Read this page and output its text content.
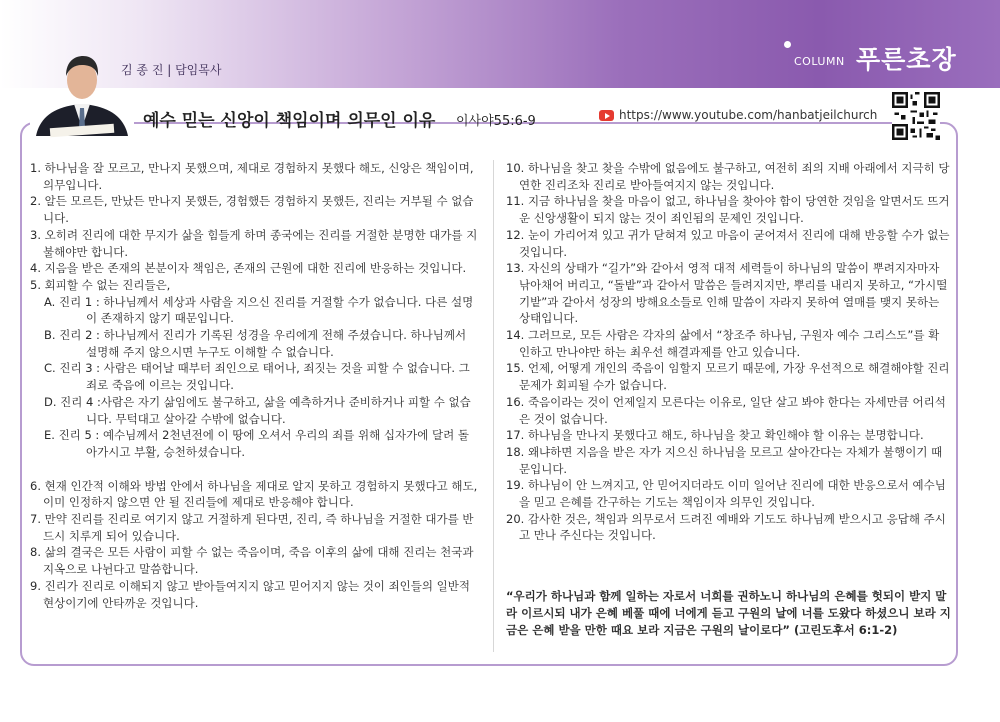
COLUMN 푸른초장
김 종 진 | 담임목사
예수 믿는 신앙이 책임이며 의무인 이유 이사야55:6-9	https://www.youtube.com/hanbatjeilchurch
1. 하나님을 잘 모르고, 만나지 못했으며, 제대로 경험하지 못했다 해도, 신앙은 책임이며, 의무입니다.
2. 알든 모르든, 만났든 만나지 못했든, 경험했든 경험하지 못했든, 진리는 거부될 수 없습니다.
3. 오히려 진리에 대한 무지가 삶을 힘들게 하며 종국에는 진리를 거절한 분명한 대가를 지불해야만 합니다.
4. 지음을 받은 존재의 본분이자 책임은, 존재의 근원에 대한 진리에 반응하는 것입니다.
5. 회피할 수 없는 진리들은,
A. 진리 1 : 하나님께서 세상과 사람을 지으신 진리를 거절할 수가 없습니다. 다른 설명이 존재하지 않기 때문입니다.
B. 진리 2 : 하나님께서 진리가 기록된 성경을 우리에게 전해 주셨습니다. 하나님께서 설명해 주지 않으시면 누구도 이해할 수 없습니다.
C. 진리 3 : 사람은 태어날 때부터 죄인으로 태어나, 죄짓는 것을 피할 수 없습니다. 그 죄로 죽음에 이르는 것입니다.
D. 진리 4 :사람은 자기 삶임에도 불구하고, 삶을 예측하거나 준비하거나 피할 수 없습니다. 무턱대고 살아갈 수밖에 없습니다.
E. 진리 5 : 예수님께서 2천년전에 이 땅에 오셔서 우리의 죄를 위해 십자가에 달려 돌아가시고 부활, 승천하셨습니다.
6. 현재 인간적 이해와 방법 안에서 하나님을 제대로 알지 못하고 경험하지 못했다고 해도, 이미 인정하지 않으면 안 될 진리들에 제대로 반응해야 합니다.
7. 만약 진리를 진리로 여기지 않고 거절하게 된다면, 진리, 즉 하나님을 거절한 대가를 반드시 치루게 되어 있습니다.
8. 삶의 결국은 모든 사람이 피할 수 없는 죽음이며, 죽음 이후의 삶에 대해 진리는 천국과 지옥으로 나뉜다고 말씀합니다.
9. 진리가 진리로 이해되지 않고 받아들여지지 않고 믿어지지 않는 것이 죄인들의 일반적 현상이기에 안타까운 것입니다.
10. 하나님을 찾고 찾을 수밖에 없음에도 불구하고, 여전히 죄의 지배 아래에서 지극히 당연한 진리조차 진리로 받아들여지지 않는 것입니다.
11. 지금 하나님을 찾을 마음이 없고, 하나님을 찾아야 함이 당연한 것임을 알면서도 뜨거운 신앙생활이 되지 않는 것이 죄인됨의 문제인 것입니다.
12. 눈이 가리어져 있고 귀가 닫혀져 있고 마음이 굳어져서 진리에 대해 반응할 수가 없는 것입니다.
13. 자신의 상태가 “길가”와 같아서 영적 대적 세력들이 하나님의 말씀이 뿌려지자마자 낚아채어 버리고, “돌밭”과 같아서 말씀은 들려지지만, 뿌리를 내리지 못하고, “가시떨기밭”과 같아서 성장의 방해요소들로 인해 말씀이 자라지 못하여 열매를 맺지 못하는 상태입니다.
14. 그러므로, 모든 사람은 각자의 삶에서 “창조주 하나님, 구원자 예수 그리스도”를 확인하고 만나야만 하는 최우선 해결과제를 안고 있습니다.
15. 언제, 어떻게 개인의 죽음이 임할지 모르기 때문에, 가장 우선적으로 해결해야할 진리문제가 회피될 수가 없습니다.
16. 죽음이라는 것이 언제일지 모른다는 이유로, 일단 살고 봐야 한다는 자세만큼 어리석은 것이 없습니다.
17. 하나님을 만나지 못했다고 해도, 하나님을 찾고 확인해야 할 이유는 분명합니다.
18. 왜냐하면 지음을 받은 자가 지으신 하나님을 모르고 살아간다는 자체가 불행이기 때문입니다.
19. 하나님이 안 느껴지고, 안 믿어지더라도 이미 일어난 진리에 대한 반응으로서 예수님을 믿고 은혜를 간구하는 기도는 책임이자 의무인 것입니다.
20. 감사한 것은, 책임과 의무로서 드려진 예배와 기도도 하나님께 받으시고 응답해 주시고 만나 주신다는 것입니다.
“우리가 하나님과 함께 일하는 자로서 너희를 권하노니 하나님의 은혜를 헛되이 받지 말라 이르시되 내가 은혜 베풀 때에 너에게 듣고 구원의 날에 너를 도왔다 하셨으니 보라 지금은 은혜 받을 만한 때요 보라 지금은 구원의 날이로다” (고린도후서 6:1-2)
